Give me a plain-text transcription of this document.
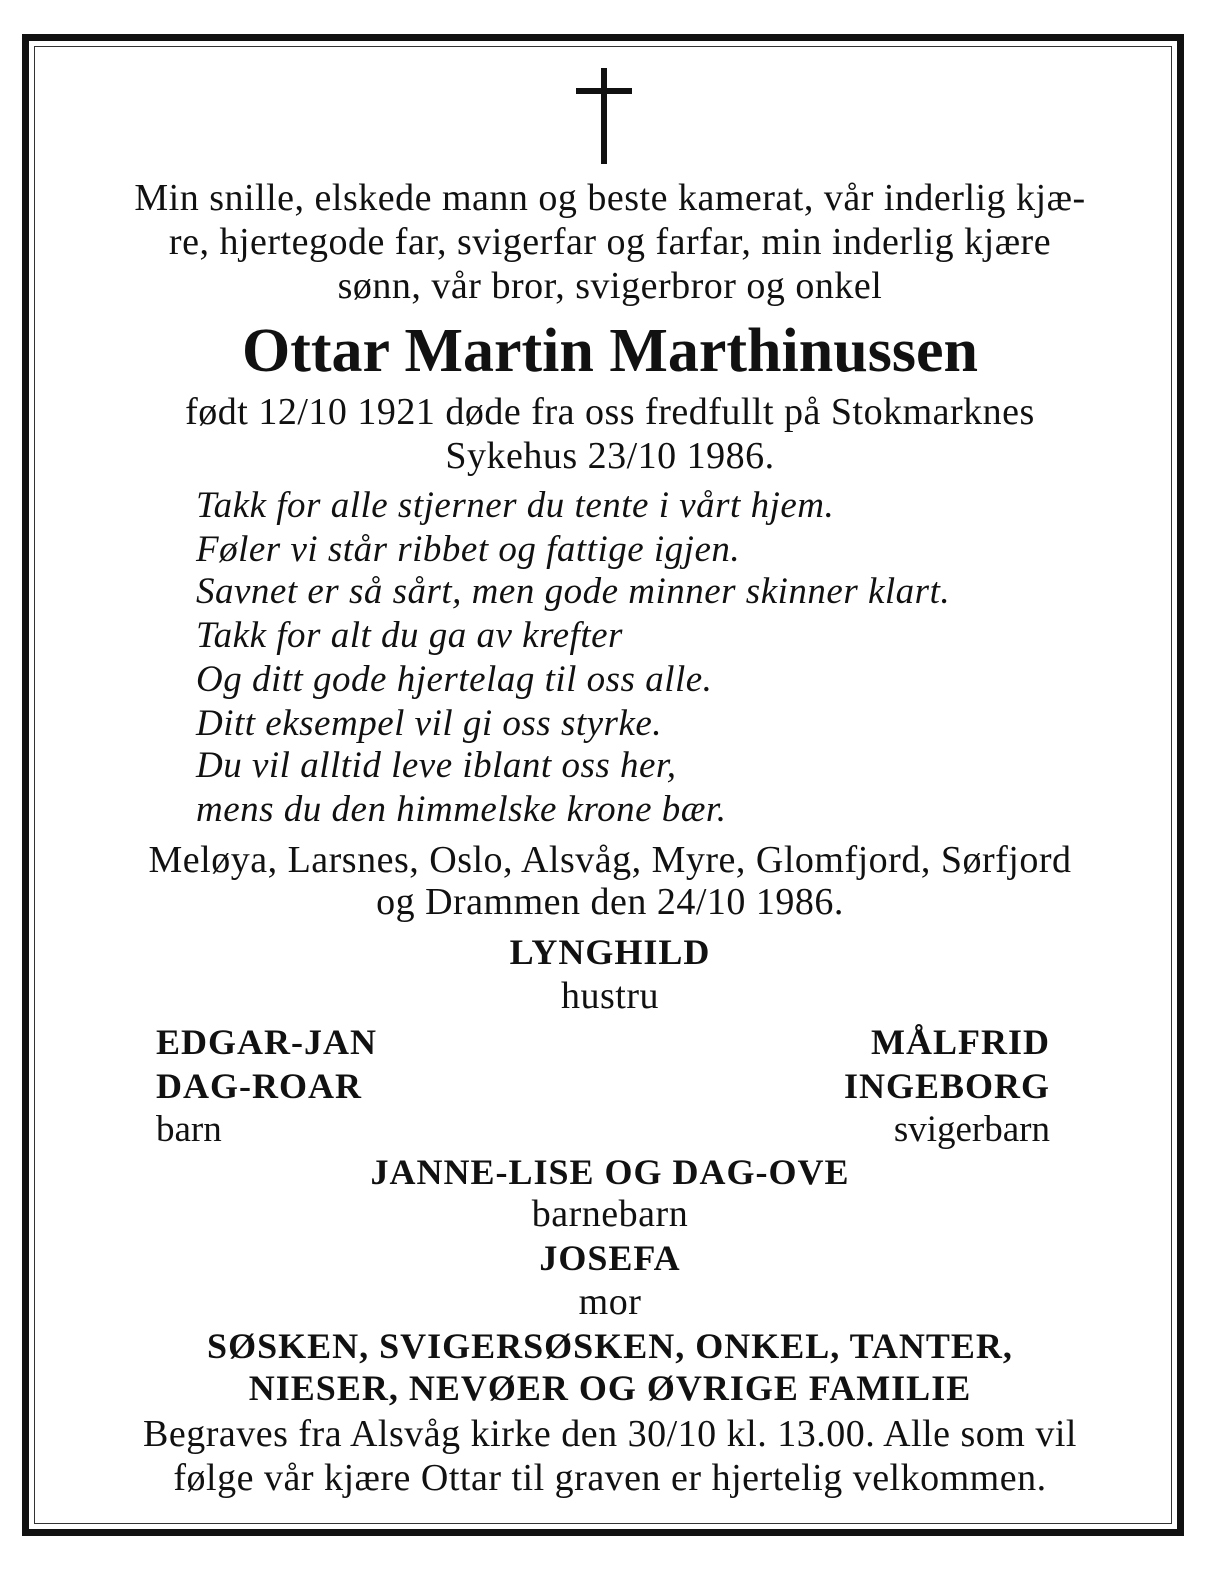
Min snille, elskede mann og beste kamerat, vår inderlig kjæ-
re, hjertegode far, svigerfar og farfar, min inderlig kjære
sønn, vår bror, svigerbror og onkel
Ottar Martin Marthinussen
født 12/10 1921 døde fra oss fredfullt på Stokmarknes
Sykehus 23/10 1986.
Takk for alle stjerner du tente i vårt hjem.
Føler vi står ribbet og fattige igjen.
Savnet er så sårt, men gode minner skinner klart.
Takk for alt du ga av krefter
Og ditt gode hjertelag til oss alle.
Ditt eksempel vil gi oss styrke.
Du vil alltid leve iblant oss her,
mens du den himmelske krone bær.
Meløya, Larsnes, Oslo, Alsvåg, Myre, Glomfjord, Sørfjord
og Drammen den 24/10 1986.
LYNGHILD
hustru
EDGAR-JAN
DAG-ROAR
barn
MÅLFRID
INGEBORG
svigerbarn
JANNE-LISE OG DAG-OVE
barnebarn
JOSEFA
mor
SØSKEN, SVIGERSØSKEN, ONKEL, TANTER,
NIESER, NEVØER OG ØVRIGE FAMILIE
Begraves fra Alsvåg kirke den 30/10 kl. 13.00. Alle som vil
følge vår kjære Ottar til graven er hjertelig velkommen.
